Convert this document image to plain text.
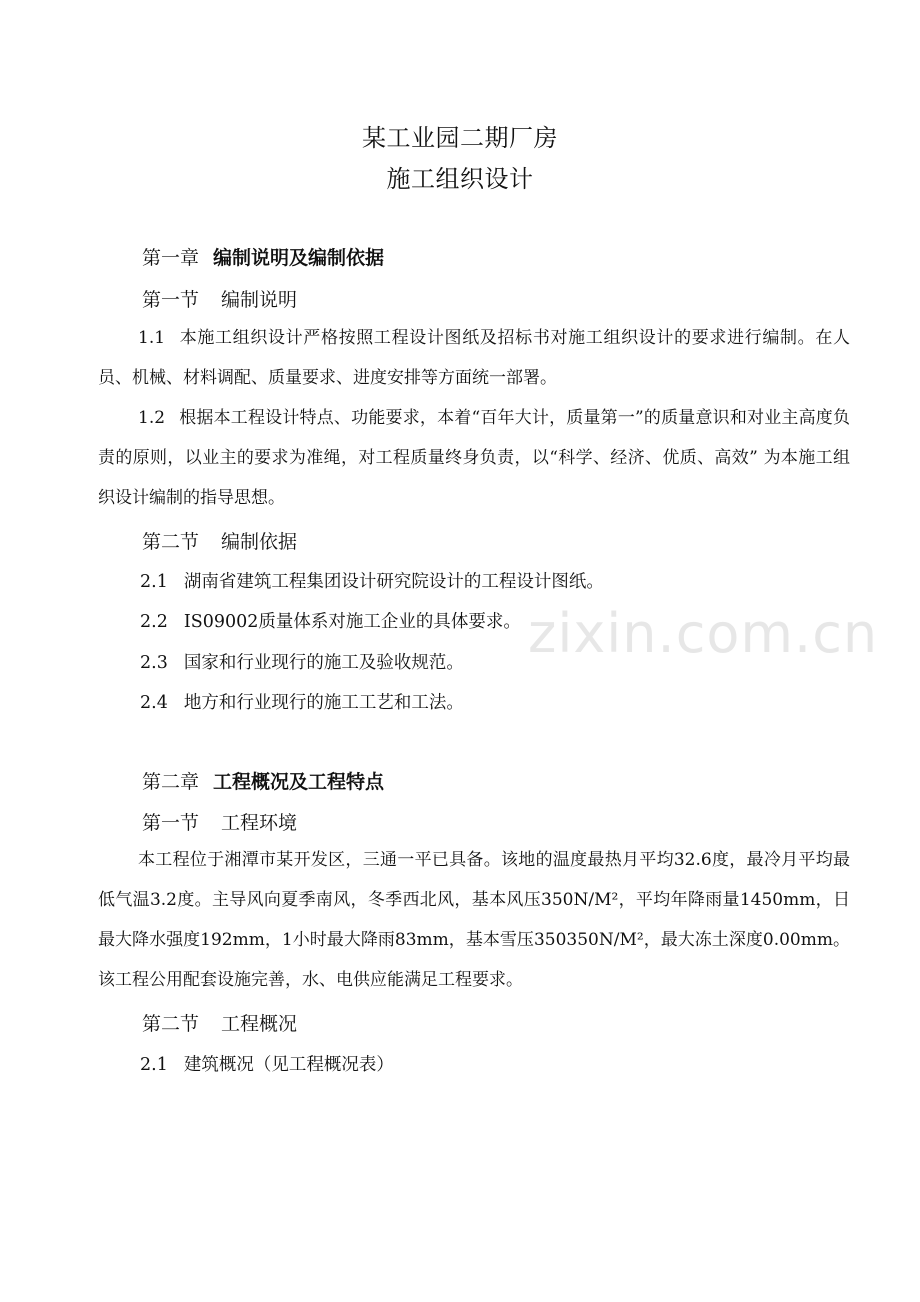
某工业园二期厂房
施工组织设计
第一章 编制说明及编制依据
第一节 编制说明
1.1 本施工组织设计严格按照工程设计图纸及招标书对施工组织设计的要求进行编制。在人员、机械、材料调配、质量要求、进度安排等方面统一部署。
1.2 根据本工程设计特点、功能要求，本着“百年大计，质量第一”的质量意识和对业主高度负责的原则，以业主的要求为准绳，对工程质量终身负责，以“科学、经济、优质、高效” 为本施工组织设计编制的指导思想。
第二节 编制依据
2.1 湖南省建筑工程集团设计研究院设计的工程设计图纸。
2.2 IS09002质量体系对施工企业的具体要求。
2.3 国家和行业现行的施工及验收规范。
2.4 地方和行业现行的施工工艺和工法。
第二章 工程概况及工程特点
第一节 工程环境
本工程位于湘潭市某开发区，三通一平已具备。该地的温度最热月平均32.6度，最冷月平均最低气温3.2度。主导风向夏季南风，冬季西北风，基本风压350N/M²，平均年降雨量1450mm，日最大降水强度192mm，1小时最大降雨83mm，基本雪压350350N/M²，最大冻土深度0.00mm。该工程公用配套设施完善，水、电供应能满足工程要求。
第二节 工程概况
2.1 建筑概况（见工程概况表）
zixin.com.cn
